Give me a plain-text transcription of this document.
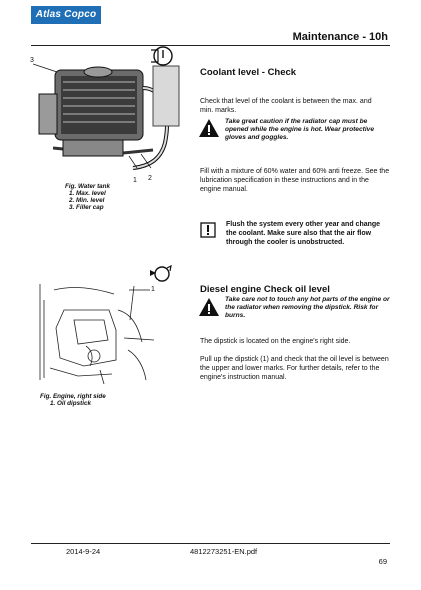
Atlas Copco
Maintenance - 10h
3
1 2
Fig. Water tank
1. Max. level
2. Min. level
3. Filler cap
Coolant level - Check
Check that level of the coolant is between the max. and min. marks.
Take great caution if the radiator cap must be opened while the engine is hot. Wear protective gloves and goggles.
Fill with a mixture of 60% water and 60% anti freeze. See the lubrication specification in these instructions and in the engine manual.
Flush the system every other year and change the coolant. Make sure also that the air flow through the cooler is unobstructed.
1
Fig. Engine, right side
1. Oil dipstick
Diesel engine Check oil level
Take care not to touch any hot parts of the engine or the radiator when removing the dipstick. Risk for burns.
The dipstick is located on the engine's right side.
Pull up the dipstick (1) and check that the oil level is between the upper and lower marks. For further details, refer to the engine's instruction manual.
2014-9-24	4812273251-EN.pdf
69
